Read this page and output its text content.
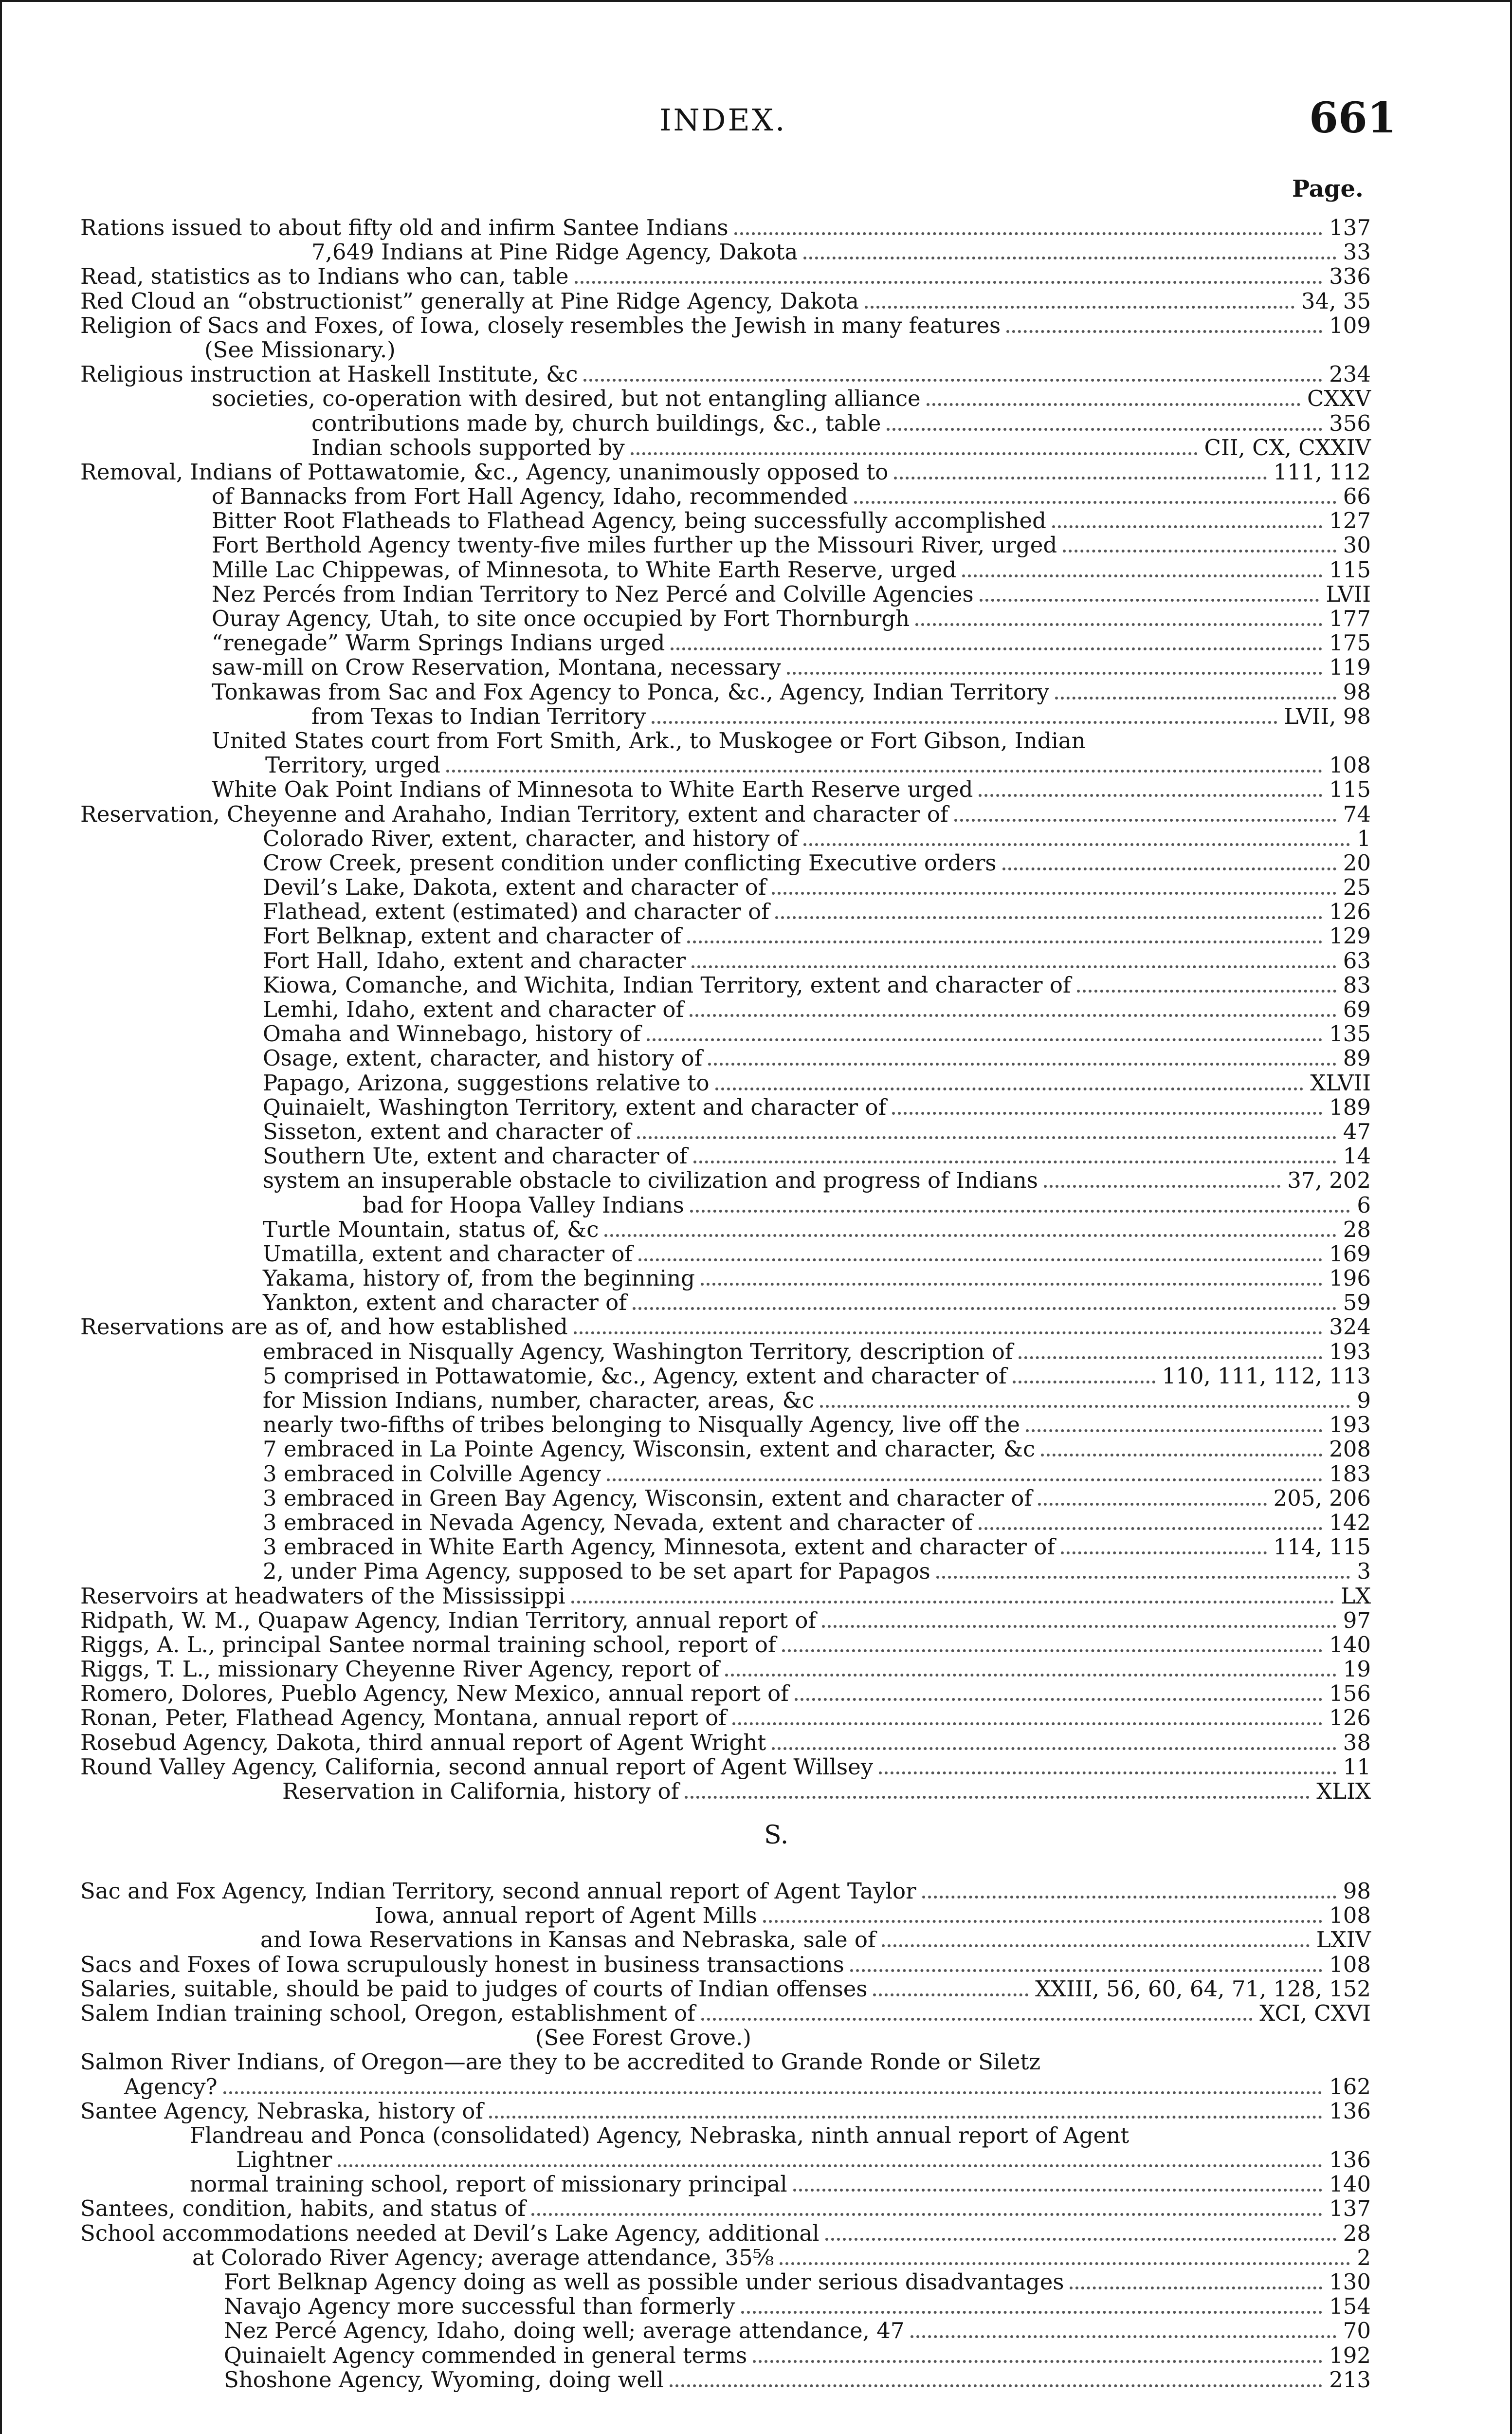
INDEX.	661
Page.
Rations issued to about fifty old and infirm Santee Indians	137
7,649 Indians at Pine Ridge Agency, Dakota	33
Read, statistics as to Indians who can, table	336
Red Cloud an “obstructionist” generally at Pine Ridge Agency, Dakota	34, 35
Religion of Sacs and Foxes, of Iowa, closely resembles the Jewish in many features	109
(See Missionary.)
Religious instruction at Haskell Institute, &c	234
societies, co-operation with desired, but not entangling alliance	CXXV
contributions made by, church buildings, &c., table	356
Indian schools supported by	CII, CX, CXXIV
Removal, Indians of Pottawatomie, &c., Agency, unanimously opposed to	111, 112
of Bannacks from Fort Hall Agency, Idaho, recommended	66
Bitter Root Flatheads to Flathead Agency, being successfully accomplished	127
Fort Berthold Agency twenty-five miles further up the Missouri River, urged	30
Mille Lac Chippewas, of Minnesota, to White Earth Reserve, urged	115
Nez Percés from Indian Territory to Nez Percé and Colville Agencies	LVII
Ouray Agency, Utah, to site once occupied by Fort Thornburgh	177
“renegade” Warm Springs Indians urged	175
saw-mill on Crow Reservation, Montana, necessary	119
Tonkawas from Sac and Fox Agency to Ponca, &c., Agency, Indian Territory	98
from Texas to Indian Territory	LVII, 98
United States court from Fort Smith, Ark., to Muskogee or Fort Gibson, Indian
Territory, urged	108
White Oak Point Indians of Minnesota to White Earth Reserve urged	115
Reservation, Cheyenne and Arahaho, Indian Territory, extent and character of	74
Colorado River, extent, character, and history of	1
Crow Creek, present condition under conflicting Executive orders	20
Devil’s Lake, Dakota, extent and character of	25
Flathead, extent (estimated) and character of	126
Fort Belknap, extent and character of	129
Fort Hall, Idaho, extent and character	63
Kiowa, Comanche, and Wichita, Indian Territory, extent and character of	83
Lemhi, Idaho, extent and character of	69
Omaha and Winnebago, history of	135
Osage, extent, character, and history of	89
Papago, Arizona, suggestions relative to	XLVII
Quinaielt, Washington Territory, extent and character of	189
Sisseton, extent and character of	47
Southern Ute, extent and character of	14
system an insuperable obstacle to civilization and progress of Indians	37, 202
bad for Hoopa Valley Indians	6
Turtle Mountain, status of, &c	28
Umatilla, extent and character of	169
Yakama, history of, from the beginning	196
Yankton, extent and character of	59
Reservations are as of, and how established	324
embraced in Nisqually Agency, Washington Territory, description of	193
5 comprised in Pottawatomie, &c., Agency, extent and character of	110, 111, 112, 113
for Mission Indians, number, character, areas, &c	9
nearly two-fifths of tribes belonging to Nisqually Agency, live off the	193
7 embraced in La Pointe Agency, Wisconsin, extent and character, &c	208
3 embraced in Colville Agency	183
3 embraced in Green Bay Agency, Wisconsin, extent and character of	205, 206
3 embraced in Nevada Agency, Nevada, extent and character of	142
3 embraced in White Earth Agency, Minnesota, extent and character of	114, 115
2, under Pima Agency, supposed to be set apart for Papagos	3
Reservoirs at headwaters of the Mississippi	LX
Ridpath, W. M., Quapaw Agency, Indian Territory, annual report of	97
Riggs, A. L., principal Santee normal training school, report of	140
Riggs, T. L., missionary Cheyenne River Agency, report of	19
Romero, Dolores, Pueblo Agency, New Mexico, annual report of	156
Ronan, Peter, Flathead Agency, Montana, annual report of	126
Rosebud Agency, Dakota, third annual report of Agent Wright	38
Round Valley Agency, California, second annual report of Agent Willsey	11
Reservation in California, history of	XLIX
S.
Sac and Fox Agency, Indian Territory, second annual report of Agent Taylor	98
Iowa, annual report of Agent Mills	108
and Iowa Reservations in Kansas and Nebraska, sale of	LXIV
Sacs and Foxes of Iowa scrupulously honest in business transactions	108
Salaries, suitable, should be paid to judges of courts of Indian offenses	XXIII, 56, 60, 64, 71, 128, 152
Salem Indian training school, Oregon, establishment of	XCI, CXVI
(See Forest Grove.)
Salmon River Indians, of Oregon—are they to be accredited to Grande Ronde or Siletz
Agency?	162
Santee Agency, Nebraska, history of	136
Flandreau and Ponca (consolidated) Agency, Nebraska, ninth annual report of Agent
Lightner	136
normal training school, report of missionary principal	140
Santees, condition, habits, and status of	137
School accommodations needed at Devil’s Lake Agency, additional	28
at Colorado River Agency; average attendance, 35⅝	2
Fort Belknap Agency doing as well as possible under serious disadvantages	130
Navajo Agency more successful than formerly	154
Nez Percé Agency, Idaho, doing well; average attendance, 47	70
Quinaielt Agency commended in general terms	192
Shoshone Agency, Wyoming, doing well	213
